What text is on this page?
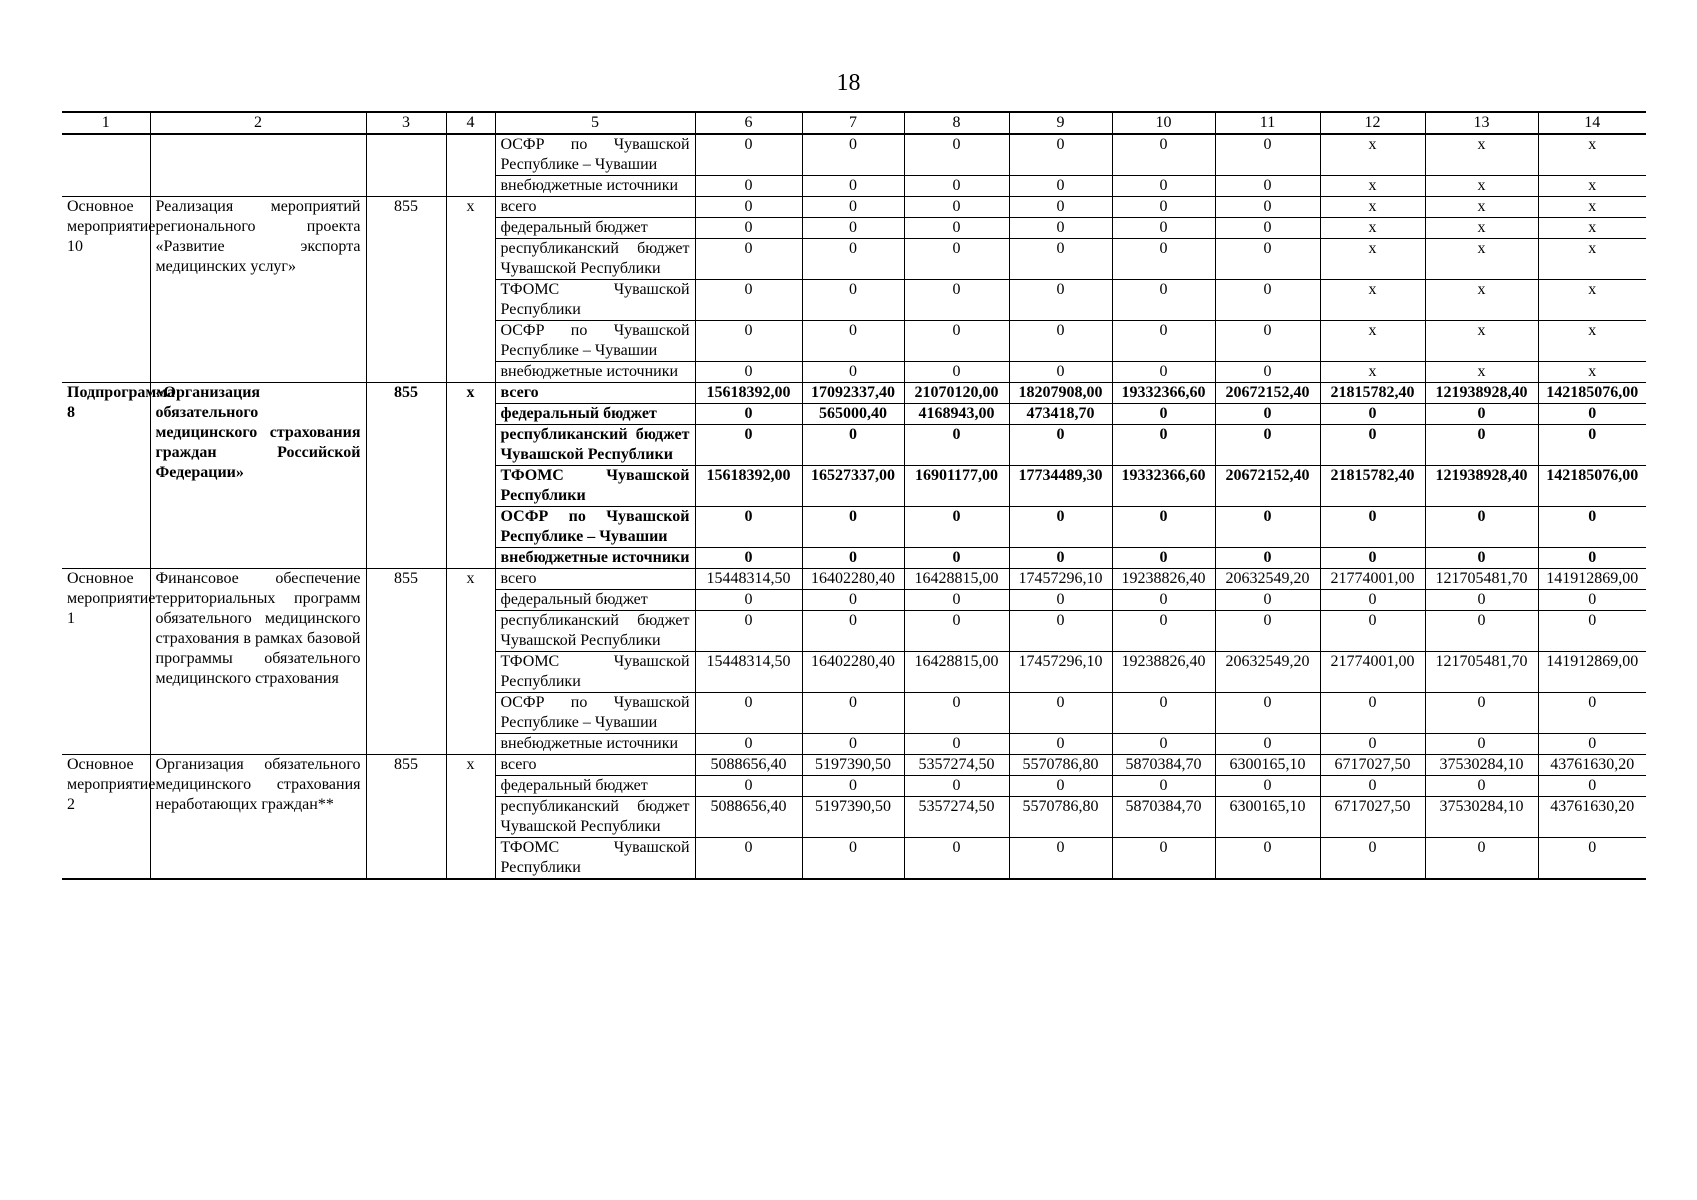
18
1	2	3	4	5	6	7	8	9	10	11	12	13	14
				ОСФР по Чувашской Республике – Чувашии	0	0	0	0	0	0	x	x	x
				внебюджетные источники	0	0	0	0	0	0	x	x	x
Основное мероприятие 10	Реализация мероприятий регионального проекта «Развитие экспорта медицинских услуг»	855	x	всего	0	0	0	0	0	0	x	x	x
				федеральный бюджет	0	0	0	0	0	0	x	x	x
				республиканский бюджет Чувашской Республики	0	0	0	0	0	0	x	x	x
				ТФОМС Чувашской Республики	0	0	0	0	0	0	x	x	x
				ОСФР по Чувашской Республике – Чувашии	0	0	0	0	0	0	x	x	x
				внебюджетные источники	0	0	0	0	0	0	x	x	x
Подпрограмма 8	«Организация обязательного медицинского страхования граждан Российской Федерации»	855	x	всего	15618392,00	17092337,40	21070120,00	18207908,00	19332366,60	20672152,40	21815782,40	121938928,40	142185076,00
				федеральный бюджет	0	565000,40	4168943,00	473418,70	0	0	0	0	0
				республиканский бюджет Чувашской Республики	0	0	0	0	0	0	0	0	0
				ТФОМС Чувашской Республики	15618392,00	16527337,00	16901177,00	17734489,30	19332366,60	20672152,40	21815782,40	121938928,40	142185076,00
				ОСФР по Чувашской Республике – Чувашии	0	0	0	0	0	0	0	0	0
				внебюджетные источники	0	0	0	0	0	0	0	0	0
Основное мероприятие 1	Финансовое обеспечение территориальных программ обязательного медицинского страхования в рамках базовой программы обязательного медицинского страхования	855	x	всего	15448314,50	16402280,40	16428815,00	17457296,10	19238826,40	20632549,20	21774001,00	121705481,70	141912869,00
				федеральный бюджет	0	0	0	0	0	0	0	0	0
				республиканский бюджет Чувашской Республики	0	0	0	0	0	0	0	0	0
				ТФОМС Чувашской Республики	15448314,50	16402280,40	16428815,00	17457296,10	19238826,40	20632549,20	21774001,00	121705481,70	141912869,00
				ОСФР по Чувашской Республике – Чувашии	0	0	0	0	0	0	0	0	0
				внебюджетные источники	0	0	0	0	0	0	0	0	0
Основное мероприятие 2	Организация обязательного медицинского страхования неработающих граждан**	855	x	всего	5088656,40	5197390,50	5357274,50	5570786,80	5870384,70	6300165,10	6717027,50	37530284,10	43761630,20
				федеральный бюджет	0	0	0	0	0	0	0	0	0
				республиканский бюджет Чувашской Республики	5088656,40	5197390,50	5357274,50	5570786,80	5870384,70	6300165,10	6717027,50	37530284,10	43761630,20
				ТФОМС Чувашской Республики	0	0	0	0	0	0	0	0	0
